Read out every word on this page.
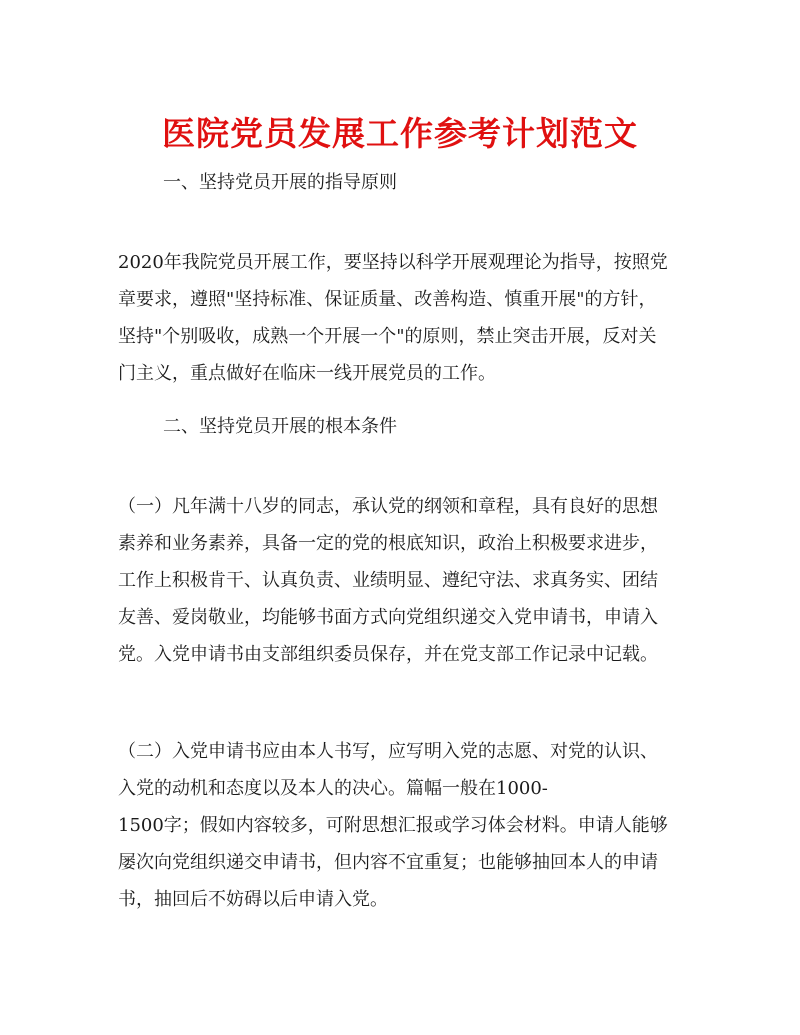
医院党员发展工作参考计划范文

一、坚持党员开展的指导原则

2020年我院党员开展工作，要坚持以科学开展观理论为指导，按照党
章要求，遵照"坚持标准、保证质量、改善构造、慎重开展"的方针，
坚持"个别吸收，成熟一个开展一个"的原则，禁止突击开展，反对关
门主义，重点做好在临床一线开展党员的工作。

二、坚持党员开展的根本条件

（一）凡年满十八岁的同志，承认党的纲领和章程，具有良好的思想
素养和业务素养，具备一定的党的根底知识，政治上积极要求进步，
工作上积极肯干、认真负责、业绩明显、遵纪守法、求真务实、团结
友善、爱岗敬业，均能够书面方式向党组织递交入党申请书，申请入
党。入党申请书由支部组织委员保存，并在党支部工作记录中记载。
（二）入党申请书应由本人书写，应写明入党的志愿、对党的认识、
入党的动机和态度以及本人的决心。篇幅一般在1000-
1500字；假如内容较多，可附思想汇报或学习体会材料。申请人能够
屡次向党组织递交申请书，但内容不宜重复；也能够抽回本人的申请
书，抽回后不妨碍以后申请入党。
